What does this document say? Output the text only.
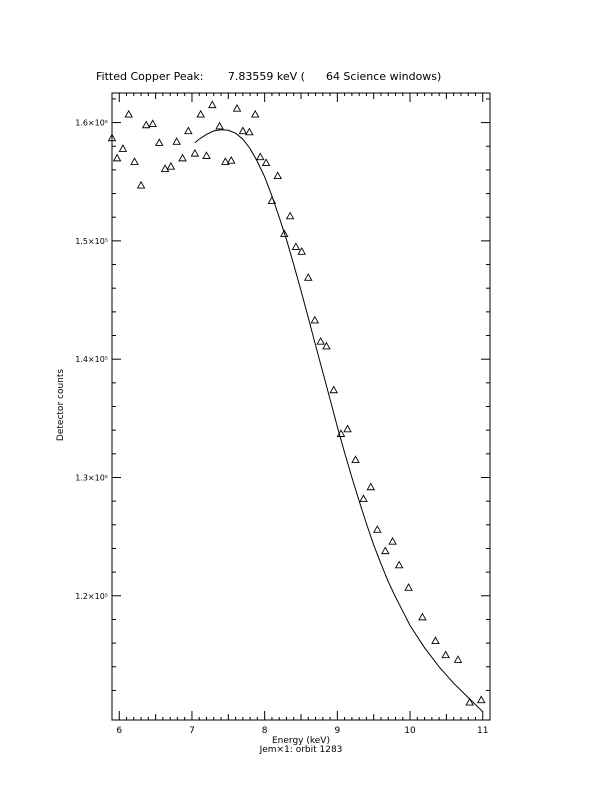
Fitted Copper Peak:       7.83559 keV (      64 Science windows)
6	7	8	9	10	11
1.2×10⁵
1.3×10⁵
1.4×10⁵
1.5×10⁵
1.6×10⁵
Energy (keV)
Jem×1: orbit 1283
Detector counts
